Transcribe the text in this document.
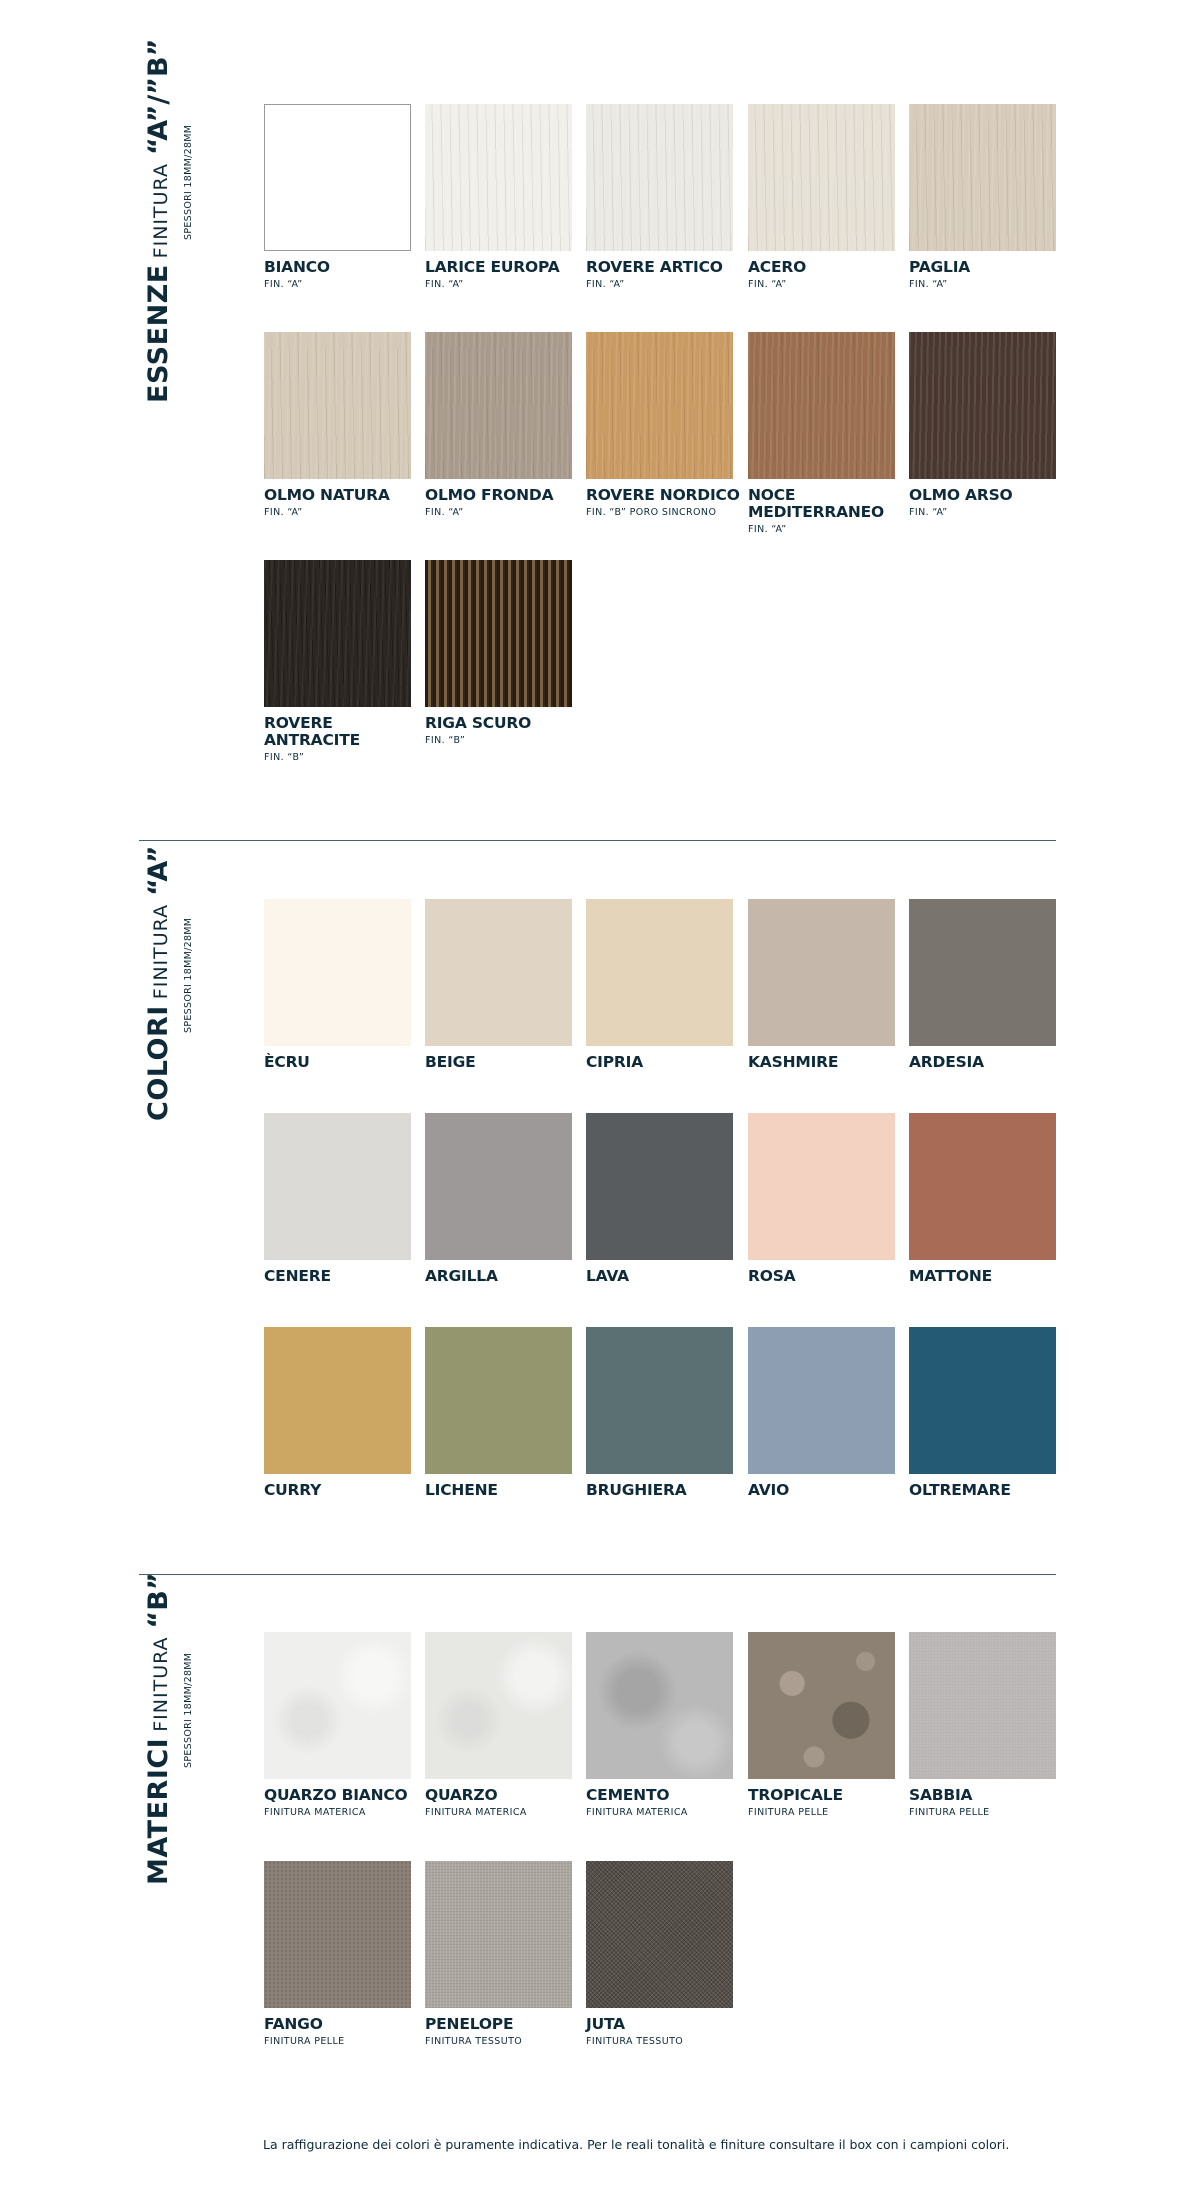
ESSENZEFINITURA“A”/”B”
SPESSORI 18MM/28MM
BIANCO
FIN. “A”
LARICE EUROPA
FIN. “A”
ROVERE ARTICO
FIN. “A”
ACERO
FIN. “A”
PAGLIA
FIN. “A”
OLMO NATURA
FIN. “A”
OLMO FRONDA
FIN. “A”
ROVERE NORDICO
FIN. “B” PORO SINCRONO
NOCE MEDITERRANEO
FIN. “A”
OLMO ARSO
FIN. “A”
ROVERE ANTRACITE
FIN. “B”
RIGA SCURO
FIN. “B”
COLORIFINITURA“A”
SPESSORI 18MM/28MM
ÈCRU	BEIGE	CIPRIA	KASHMIRE	ARDESIA
CENERE	ARGILLA	LAVA	ROSA	MATTONE
CURRY	LICHENE	BRUGHIERA	AVIO	OLTREMARE
MATERICIFINITURA“B”
SPESSORI 18MM/28MM
QUARZO BIANCO
FINITURA MATERICA
QUARZO
FINITURA MATERICA
CEMENTO
FINITURA MATERICA
TROPICALE
FINITURA PELLE
SABBIA
FINITURA PELLE
FANGO
FINITURA PELLE
PENELOPE
FINITURA TESSUTO
JUTA
FINITURA TESSUTO
La raffigurazione dei colori è puramente indicativa. Per le reali tonalità e finiture consultare il box con i campioni colori.
